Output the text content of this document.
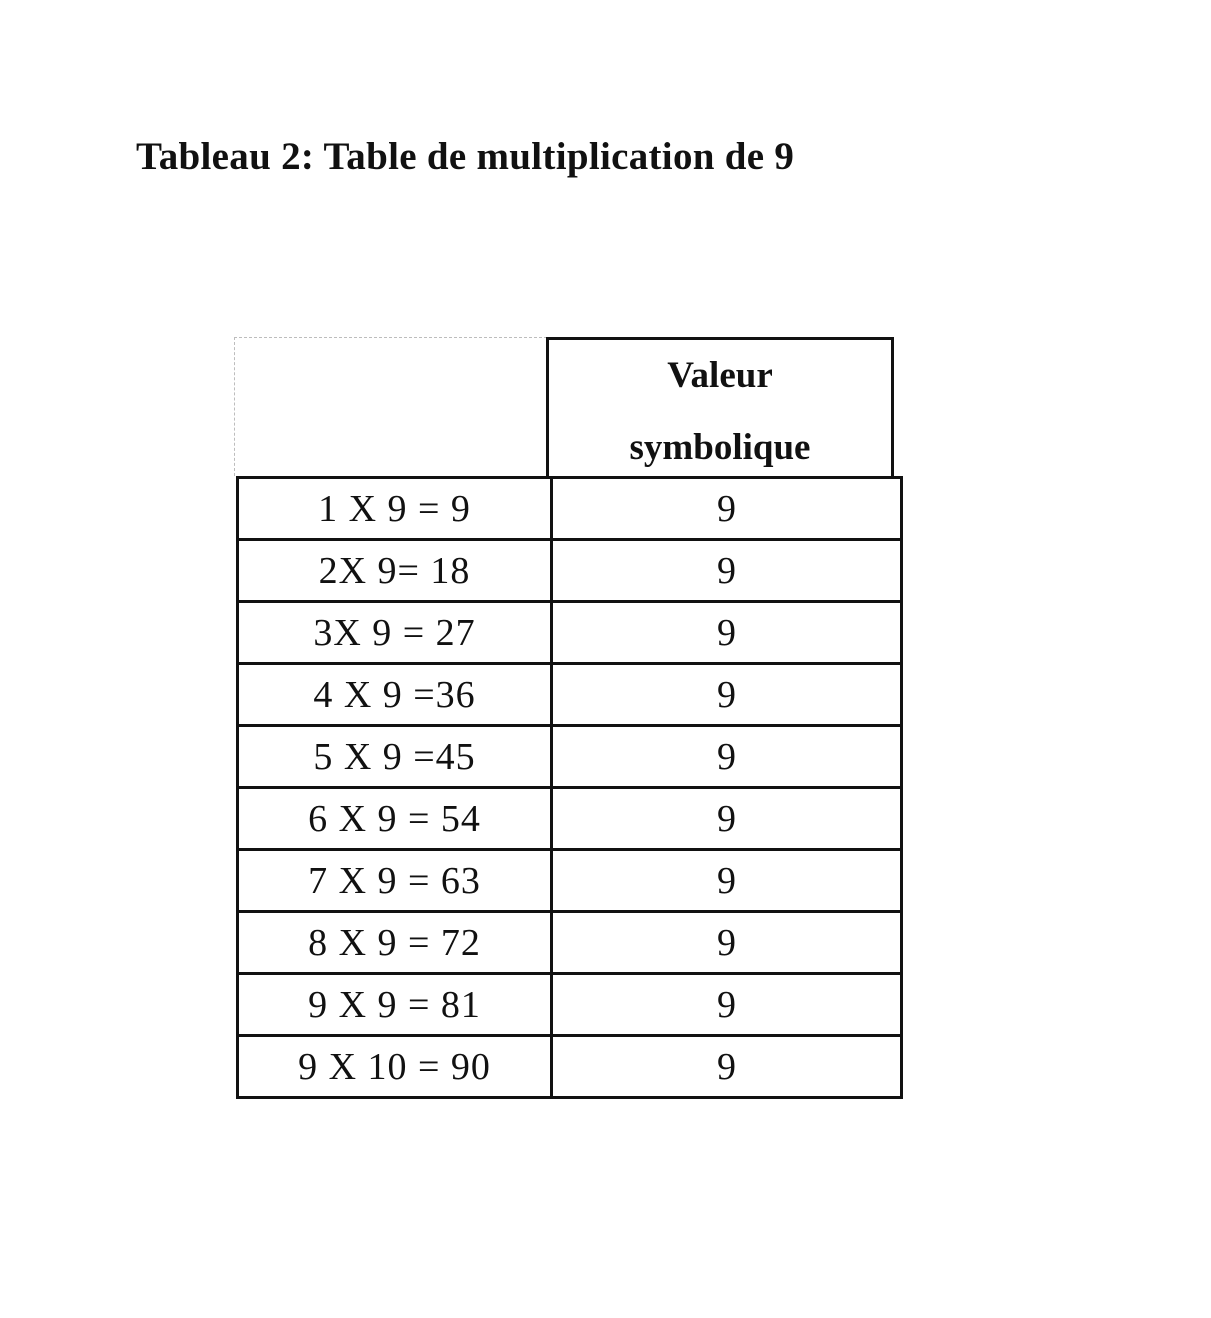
Tableau 2: Table de multiplication de 9
Valeur
symbolique
1 X 9 = 9	9
2X 9= 18	9
3X 9 = 27	9
4 X 9 =36	9
5 X 9 =45	9
6 X 9 = 54	9
7 X 9 = 63	9
8 X 9 = 72	9
9 X 9 = 81	9
9 X 10 = 90	9
